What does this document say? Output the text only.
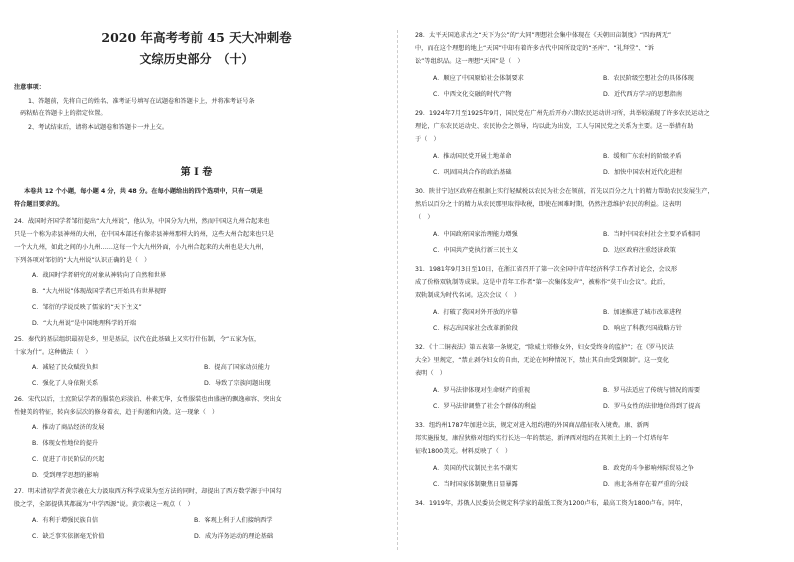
2020 年高考考前 45 天大冲刺卷
文综历史部分　（十）
注意事项：
1、答题前，先将自己的姓名、准考证号填写在试题卷和答题卡上，并将准考证号条
码粘贴在答题卡上的指定位置。
2、考试结束后，请将本试题卷和答题卡一并上交。
第 Ⅰ 卷
本卷共 12 个小题，每小题 4 分，共 48 分。在每小题给出的四个选项中，只有一项是
符合题目要求的。
24．战国时齐国学者邹衍提出“大九州说”，他认为，中国分为九州，然而中国这九州合起来也
只是一个称为赤县神州的大州，在中国本部还有像赤县神州那样大的州，这些大州合起来也只是
一个大九州，如此之间的小九州……这每一个大九州外面，小九州合起来的大州也是大九州，
下列各项对邹衍的“大九州说”认识正确的是（　）
A．战国时学者研究的对象从神转向了自然和世界
B．“大九州说”体现战国学者已开始具有世界视野
C．邹衍的学说反映了儒家的“天下主义”
D．“大九州说”是中国地理科学的开端
25．秦代的基层组织最初是乡，里是基层，汉代在此基础上又实行什伍制，令“五家为伍，
十家为什”。这种做法（　）
A．减轻了民众赋役负担	B．提高了国家动员能力
C．强化了人身依附关系	D．导致了宗族问题出现
26．宋代以后，士庶阶层学者的服装色彩淡泊、朴素无华，女性服装也由盛唐的飘逸雍容、突出女
性健美的特征，转向多层次的修身着衣，趋于拘谨和内敛。这一现象（　）
A．推动了商品经济的发展
B．体现女性地位的提升
C．促进了市民阶层的兴起
D．受到理学思想的影响
27．明末清初学者黄宗羲在大力汲取西方科学成果为至方法的同时，却提出了西方数学源于中国勾
股之学，全部提供其都属为“中学西源”说。黄宗羲这一观点（　）
A．有利于增强民族自信	B．客观上利于人们接纳西学
C．缺乏事实依据毫无价值	D．成为洋务运动的理论基础
28．太平天国追求古之“天下为公”的“大同”理想社会集中体现在《天朝田亩制度》“四海两无”
中，而在这个理想的地上“天国”中却有着许多古代中国所设定的“圣库”、“礼拜堂”、“诉
讼”等组织品。这一理想“天国”是（　）
A．顺应了中国原始社会体制要求	B．农民阶级空想社会的具体体现
C．中西文化交融的时代产物	D．近代西方学习的思想指南
29．1924年7月至1925年9月，国民党在广州先后开办六期农民运动讲习所，共举较涌现了许多农民运动之
理论，广东农民运动史、农民协会之领导，均以此为出发，工人与国民党之关系为主要。这一举措有助
于（　）
A．推动国民党开展土地革命	B．缓和广东农村的阶级矛盾
C．巩固国共合作的政治基础	D．加快中国农村近代化进程
30．陕甘宁边区政府在根据上实行轻赋税以农民为社会在领前，首先以百分之九十的精力帮助农民发展生产，
然后以百分之十的精力从农民那里取得收税，即使在困难时期，仍然注意维护农民的利益。这表明
（　）
A．中国政府国家治理能力增强	B．当时中国农村社会主要矛盾相同
C．中国共产党执行新三民主义	D．边区政府注重经济政策
31．1981年9月3日至10日，在浙江省召开了第一次全国中青年经济科学工作者讨论会，会议形
成了价格双轨制等成果。这是中青年工作者“第一次集体发声”，被称作“莫干山会议”。此后，
双轨制成为时代名词。这次会议（　）
A．打破了我国对外开放的序幕	B．加速推进了城市改革进程
C．标志出国家社会改革新阶段	D．响应了科教兴国战略方针
32．《十二铜表法》第五表第一条规定，“除威士塔修女外，妇女受终身的监护”；在《罗马民法
大全》里规定，“禁止剥夺妇女的自由，无论在何种情况下，禁止其自由受到限制”。这一变化
表明（　）
A．罗马法律体现对生命财产的重视	B．罗马法适应了传统与情况的需要
C．罗马法律调整了社会个群体的利益	D．罗马女性的法律地位得到了提高
33．纽约州1787年加进立法，规定对进入纽约港的外国商品船征收入境费。康、新两
邦实施报复，康涅狄格对纽约实行长达一年的禁运，新泽西对纽约在其领土上的一个灯塔每年
征收1800美元。材料反映了（　）
A．美国的代议制民主名不副实	B．政党的斗争影响州际贸易之争
C．当时国家体制聚焦日显暴露	D．南北各州存在着严重的分歧
34．1919年，苏俄人民委员会规定科学家的最低工资为1200卢布，最高工资为1800卢布。同年，
